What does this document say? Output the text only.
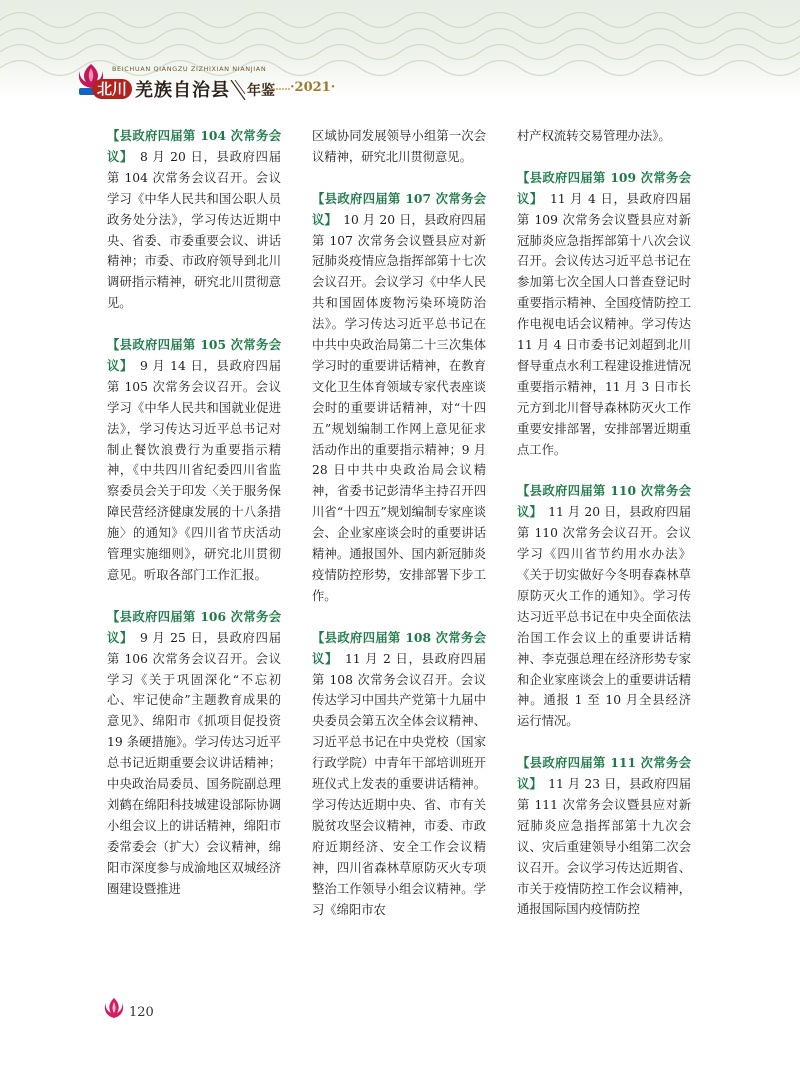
BEICHUAN QIANGZU ZIZHIXIAN NIANJIAN
北川 羌族自治县 年鉴 ·2021·

【县政府四届第 104 次常务会议】　 8 月 20 日，县政府四届第 104 次常务会议召开。会议学习《中华人民共和国公职人员政务处分法》，学习传达近期中央、省委、市委重要会议、讲话精神；市委、市政府领导到北川调研指示精神，研究北川贯彻意见。

【县政府四届第 105 次常务会议】　 9 月 14 日，县政府四届第 105 次常务会议召开。会议学习《中华人民共和国就业促进法》，学习传达习近平总书记对制止餐饮浪费行为重要指示精神，《中共四川省纪委四川省监察委员会关于印发〈关于服务保障民营经济健康发展的十八条措施〉的通知》《四川省节庆活动管理实施细则》，研究北川贯彻意见。听取各部门工作汇报。

【县政府四届第 106 次常务会议】　 9 月 25 日，县政府四届第 106 次常务会议召开。会议学习《关于巩固深化“不忘初心、牢记使命”主题教育成果的意见》、绵阳市《抓项目促投资 19 条硬措施》。学习传达习近平总书记近期重要会议讲话精神；中央政治局委员、国务院副总理刘鹤在绵阳科技城建设部际协调小组会议上的讲话精神，绵阳市委常委会（扩大）会议精神，绵阳市深度参与成渝地区双城经济圈建设暨推进

区域协同发展领导小组第一次会议精神，研究北川贯彻意见。

【县政府四届第 107 次常务会议】　 10 月 20 日，县政府四届第 107 次常务会议暨县应对新冠肺炎疫情应急指挥部第十七次会议召开。会议学习《中华人民共和国固体废物污染环境防治法》。学习传达习近平总书记在中共中央政治局第二十三次集体学习时的重要讲话精神，在教育文化卫生体育领域专家代表座谈会时的重要讲话精神，对“十四五”规划编制工作网上意见征求活动作出的重要指示精神；9 月 28 日中共中央政治局会议精神，省委书记彭清华主持召开四川省“十四五”规划编制专家座谈会、企业家座谈会时的重要讲话精神。通报国外、国内新冠肺炎疫情防控形势，安排部署下步工作。

【县政府四届第 108 次常务会议】　 11 月 2 日，县政府四届第 108 次常务会议召开。会议传达学习中国共产党第十九届中央委员会第五次全体会议精神、习近平总书记在中央党校（国家行政学院）中青年干部培训班开班仪式上发表的重要讲话精神。学习传达近期中央、省、市有关脱贫攻坚会议精神，市委、市政府近期经济、安全工作会议精神，四川省森林草原防灭火专项整治工作领导小组会议精神。学习《绵阳市农

村产权流转交易管理办法》。

【县政府四届第 109 次常务会议】　 11 月 4 日，县政府四届第 109 次常务会议暨县应对新冠肺炎应急指挥部第十八次会议召开。会议传达习近平总书记在参加第七次全国人口普查登记时重要指示精神、全国疫情防控工作电视电话会议精神。学习传达 11 月 4 日市委书记刘超到北川督导重点水利工程建设推进情况重要指示精神，11 月 3 日市长元方到北川督导森林防灭火工作重要安排部署，安排部署近期重点工作。

【县政府四届第 110 次常务会议】　 11 月 20 日，县政府四届第 110 次常务会议召开。会议学习《四川省节约用水办法》《关于切实做好今冬明春森林草原防灭火工作的通知》。学习传达习近平总书记在中央全面依法治国工作会议上的重要讲话精神、李克强总理在经济形势专家和企业家座谈会上的重要讲话精神。通报 1 至 10 月全县经济运行情况。

【县政府四届第 111 次常务会议】　 11 月 23 日，县政府四届第 111 次常务会议暨县应对新冠肺炎应急指挥部第十九次会议、灾后重建领导小组第二次会议召开。会议学习传达近期省、市关于疫情防控工作会议精神，通报国际国内疫情防控

120
